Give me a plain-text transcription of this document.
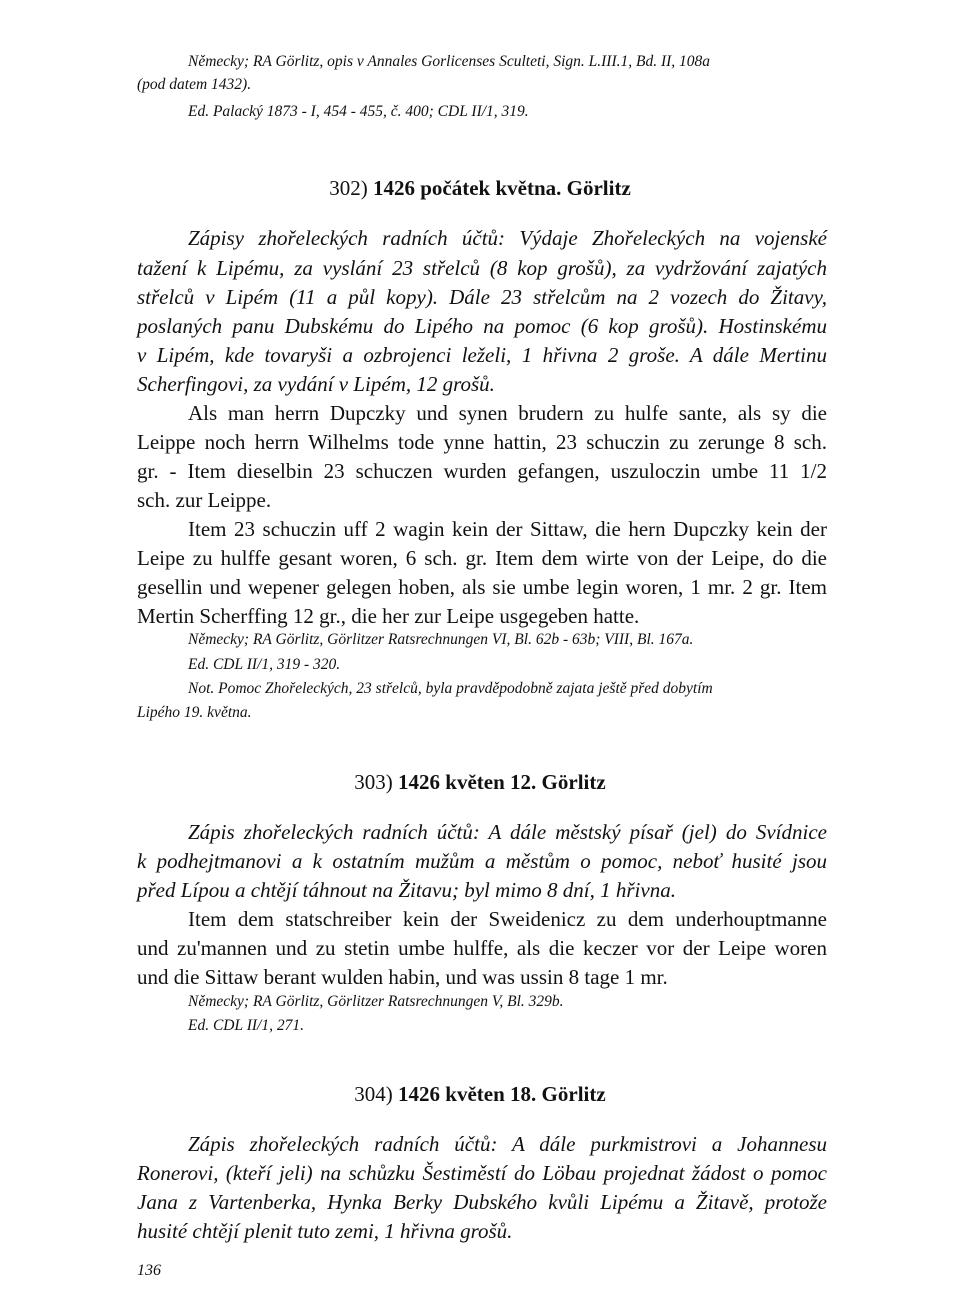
Německy; RA Görlitz, opis v Annales Gorlicenses Sculteti, Sign. L.III.1, Bd. II, 108a
(pod datem 1432).
Ed. Palacký 1873 - I, 454 - 455, č. 400; CDL II/1, 319.
302) 1426 počátek května. Görlitz
Zápisy zhořeleckých radních účtů: Výdaje Zhořeleckých na vojenské
tažení k Lipému, za vyslání 23 střelců (8 kop grošů), za vydržování zajatých
střelců v Lipém (11 a půl kopy). Dále 23 střelcům na 2 vozech do Žitavy,
poslaných panu Dubskému do Lipého na pomoc (6 kop grošů). Hostinskému
v Lipém, kde tovaryši a ozbrojenci leželi, 1 hřivna 2 groše. A dále Mertinu
Scherfingovi, za vydání v Lipém, 12 grošů.
Als man herrn Dupczky und synen brudern zu hulfe sante, als sy die
Leippe noch herrn Wilhelms tode ynne hattin, 23 schuczin zu zerunge 8 sch.
gr. - Item dieselbin 23 schuczen wurden gefangen, uszuloczin umbe 11 1/2
sch. zur Leippe.
Item 23 schuczin uff 2 wagin kein der Sittaw, die hern Dupczky kein der
Leipe zu hulffe gesant woren, 6 sch. gr. Item dem wirte von der Leipe, do die
gesellin und wepener gelegen hoben, als sie umbe legin woren, 1 mr. 2 gr. Item
Mertin Scherffing 12 gr., die her zur Leipe usgegeben hatte.
Německy; RA Görlitz, Görlitzer Ratsrechnungen VI, Bl. 62b - 63b; VIII, Bl. 167a.
Ed. CDL II/1, 319 - 320.
Not. Pomoc Zhořeleckých, 23 střelců, byla pravděpodobně zajata ještě před dobytím
Lipého 19. května.
303) 1426 květen 12. Görlitz
Zápis zhořeleckých radních účtů: A dále městský písař (jel) do Svídnice
k podhejtmanovi a k ostatním mužům a městům o pomoc, neboť husité jsou
před Lípou a chtějí táhnout na Žitavu; byl mimo 8 dní, 1 hřivna.
Item dem statschreiber kein der Sweidenicz zu dem underhouptmanne
und zu'mannen und zu stetin umbe hulffe, als die keczer vor der Leipe woren
und die Sittaw berant wulden habin, und was ussin 8 tage 1 mr.
Německy; RA Görlitz, Görlitzer Ratsrechnungen V, Bl. 329b.
Ed. CDL II/1, 271.
304) 1426 květen 18. Görlitz
Zápis zhořeleckých radních účtů: A dále purkmistrovi a Johannesu
Ronerovi, (kteří jeli) na schůzku Šestiměstí do Löbau projednat žádost o pomoc
Jana z Vartenberka, Hynka Berky Dubského kvůli Lipému a Žitavě, protože
husité chtějí plenit tuto zemi, 1 hřivna grošů.
136
